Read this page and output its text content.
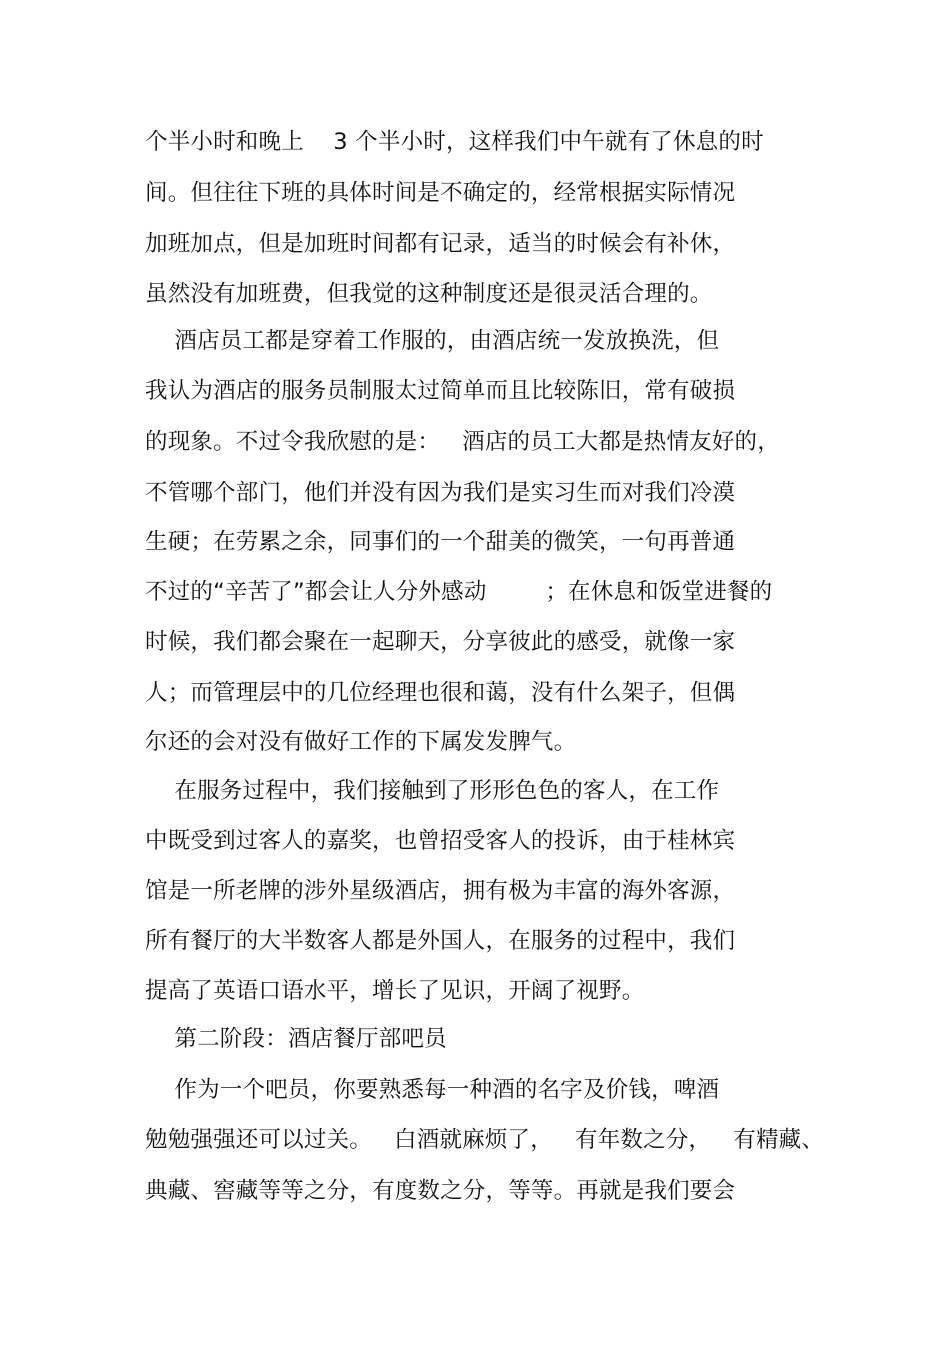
个半小时和晚上    3 个半小时，这样我们中午就有了休息的时
间。但往往下班的具体时间是不确定的，经常根据实际情况
加班加点，但是加班时间都有记录，适当的时候会有补休，
虽然没有加班费，但我觉的这种制度还是很灵活合理的。
酒店员工都是穿着工作服的，由酒店统一发放换洗，但
我认为酒店的服务员制服太过简单而且比较陈旧，常有破损
的现象。不过令我欣慰的是：   酒店的员工大都是热情友好的，
不管哪个部门，他们并没有因为我们是实习生而对我们冷漠
生硬；在劳累之余，同事们的一个甜美的微笑，一句再普通
不过的“辛苦了”都会让人分外感动        ；在休息和饭堂进餐的
时候，我们都会聚在一起聊天，分享彼此的感受，就像一家
人；而管理层中的几位经理也很和蔼，没有什么架子，但偶
尔还的会对没有做好工作的下属发发脾气。
在服务过程中，我们接触到了形形色色的客人，在工作
中既受到过客人的嘉奖，也曾招受客人的投诉，由于桂林宾
馆是一所老牌的涉外星级酒店，拥有极为丰富的海外客源，
所有餐厅的大半数客人都是外国人，在服务的过程中，我们
提高了英语口语水平，增长了见识，开阔了视野。
第二阶段：酒店餐厅部吧员
作为一个吧员，你要熟悉每一种酒的名字及价钱，啤酒
勉勉强强还可以过关。   白酒就麻烦了，   有年数之分，   有精藏、
典藏、窖藏等等之分，有度数之分，等等。再就是我们要会
